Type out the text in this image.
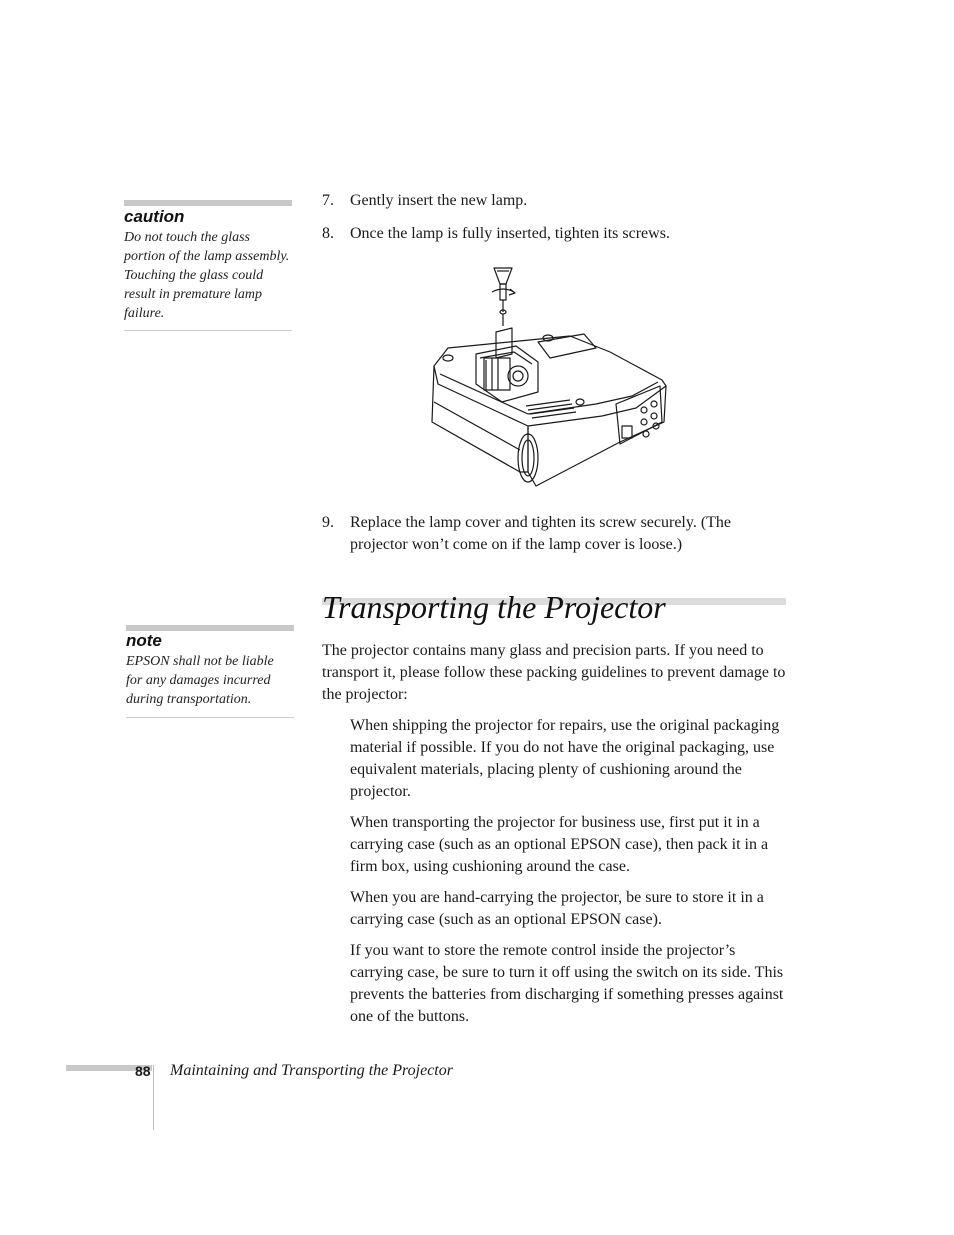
caution
Do not touch the glass portion of the lamp assembly. Touching the glass could result in premature lamp failure.
note
EPSON shall not be liable for any damages incurred during transportation.
7. Gently insert the new lamp.
8. Once the lamp is fully inserted, tighten its screws.
9. Replace the lamp cover and tighten its screw securely. (The projector won’t come on if the lamp cover is loose.)
Transporting the Projector
The projector contains many glass and precision parts. If you need to transport it, please follow these packing guidelines to prevent damage to the projector:
When shipping the projector for repairs, use the original packaging material if possible. If you do not have the original packaging, use equivalent materials, placing plenty of cushioning around the projector.
When transporting the projector for business use, first put it in a carrying case (such as an optional EPSON case), then pack it in a firm box, using cushioning around the case.
When you are hand-carrying the projector, be sure to store it in a carrying case (such as an optional EPSON case).
If you want to store the remote control inside the projector’s carrying case, be sure to turn it off using the switch on its side. This prevents the batteries from discharging if something presses against one of the buttons.
88 Maintaining and Transporting the Projector
